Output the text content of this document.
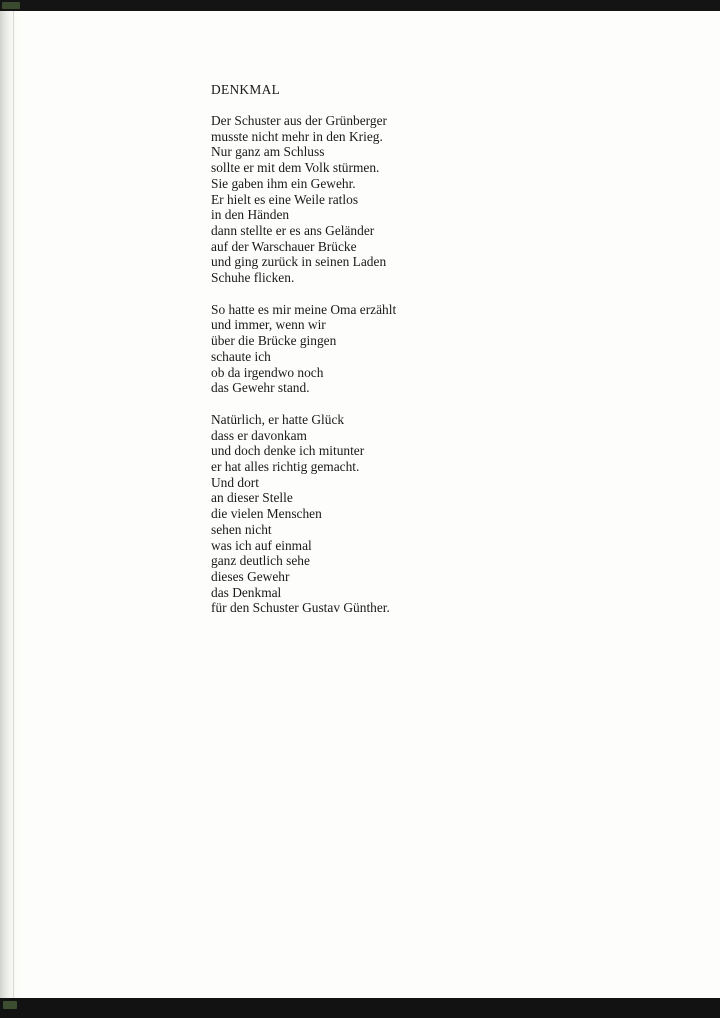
DENKMAL
Der Schuster aus der Grünberger
musste nicht mehr in den Krieg.
Nur ganz am Schluss
sollte er mit dem Volk stürmen.
Sie gaben ihm ein Gewehr.
Er hielt es eine Weile ratlos
in den Händen
dann stellte er es ans Geländer
auf der Warschauer Brücke
und ging zurück in seinen Laden
Schuhe flicken.
So hatte es mir meine Oma erzählt
und immer, wenn wir
über die Brücke gingen
schaute ich
ob da irgendwo noch
das Gewehr stand.
Natürlich, er hatte Glück
dass er davonkam
und doch denke ich mitunter
er hat alles richtig gemacht.
Und dort
an dieser Stelle
die vielen Menschen
sehen nicht
was ich auf einmal
ganz deutlich sehe
dieses Gewehr
das Denkmal
für den Schuster Gustav Günther.
